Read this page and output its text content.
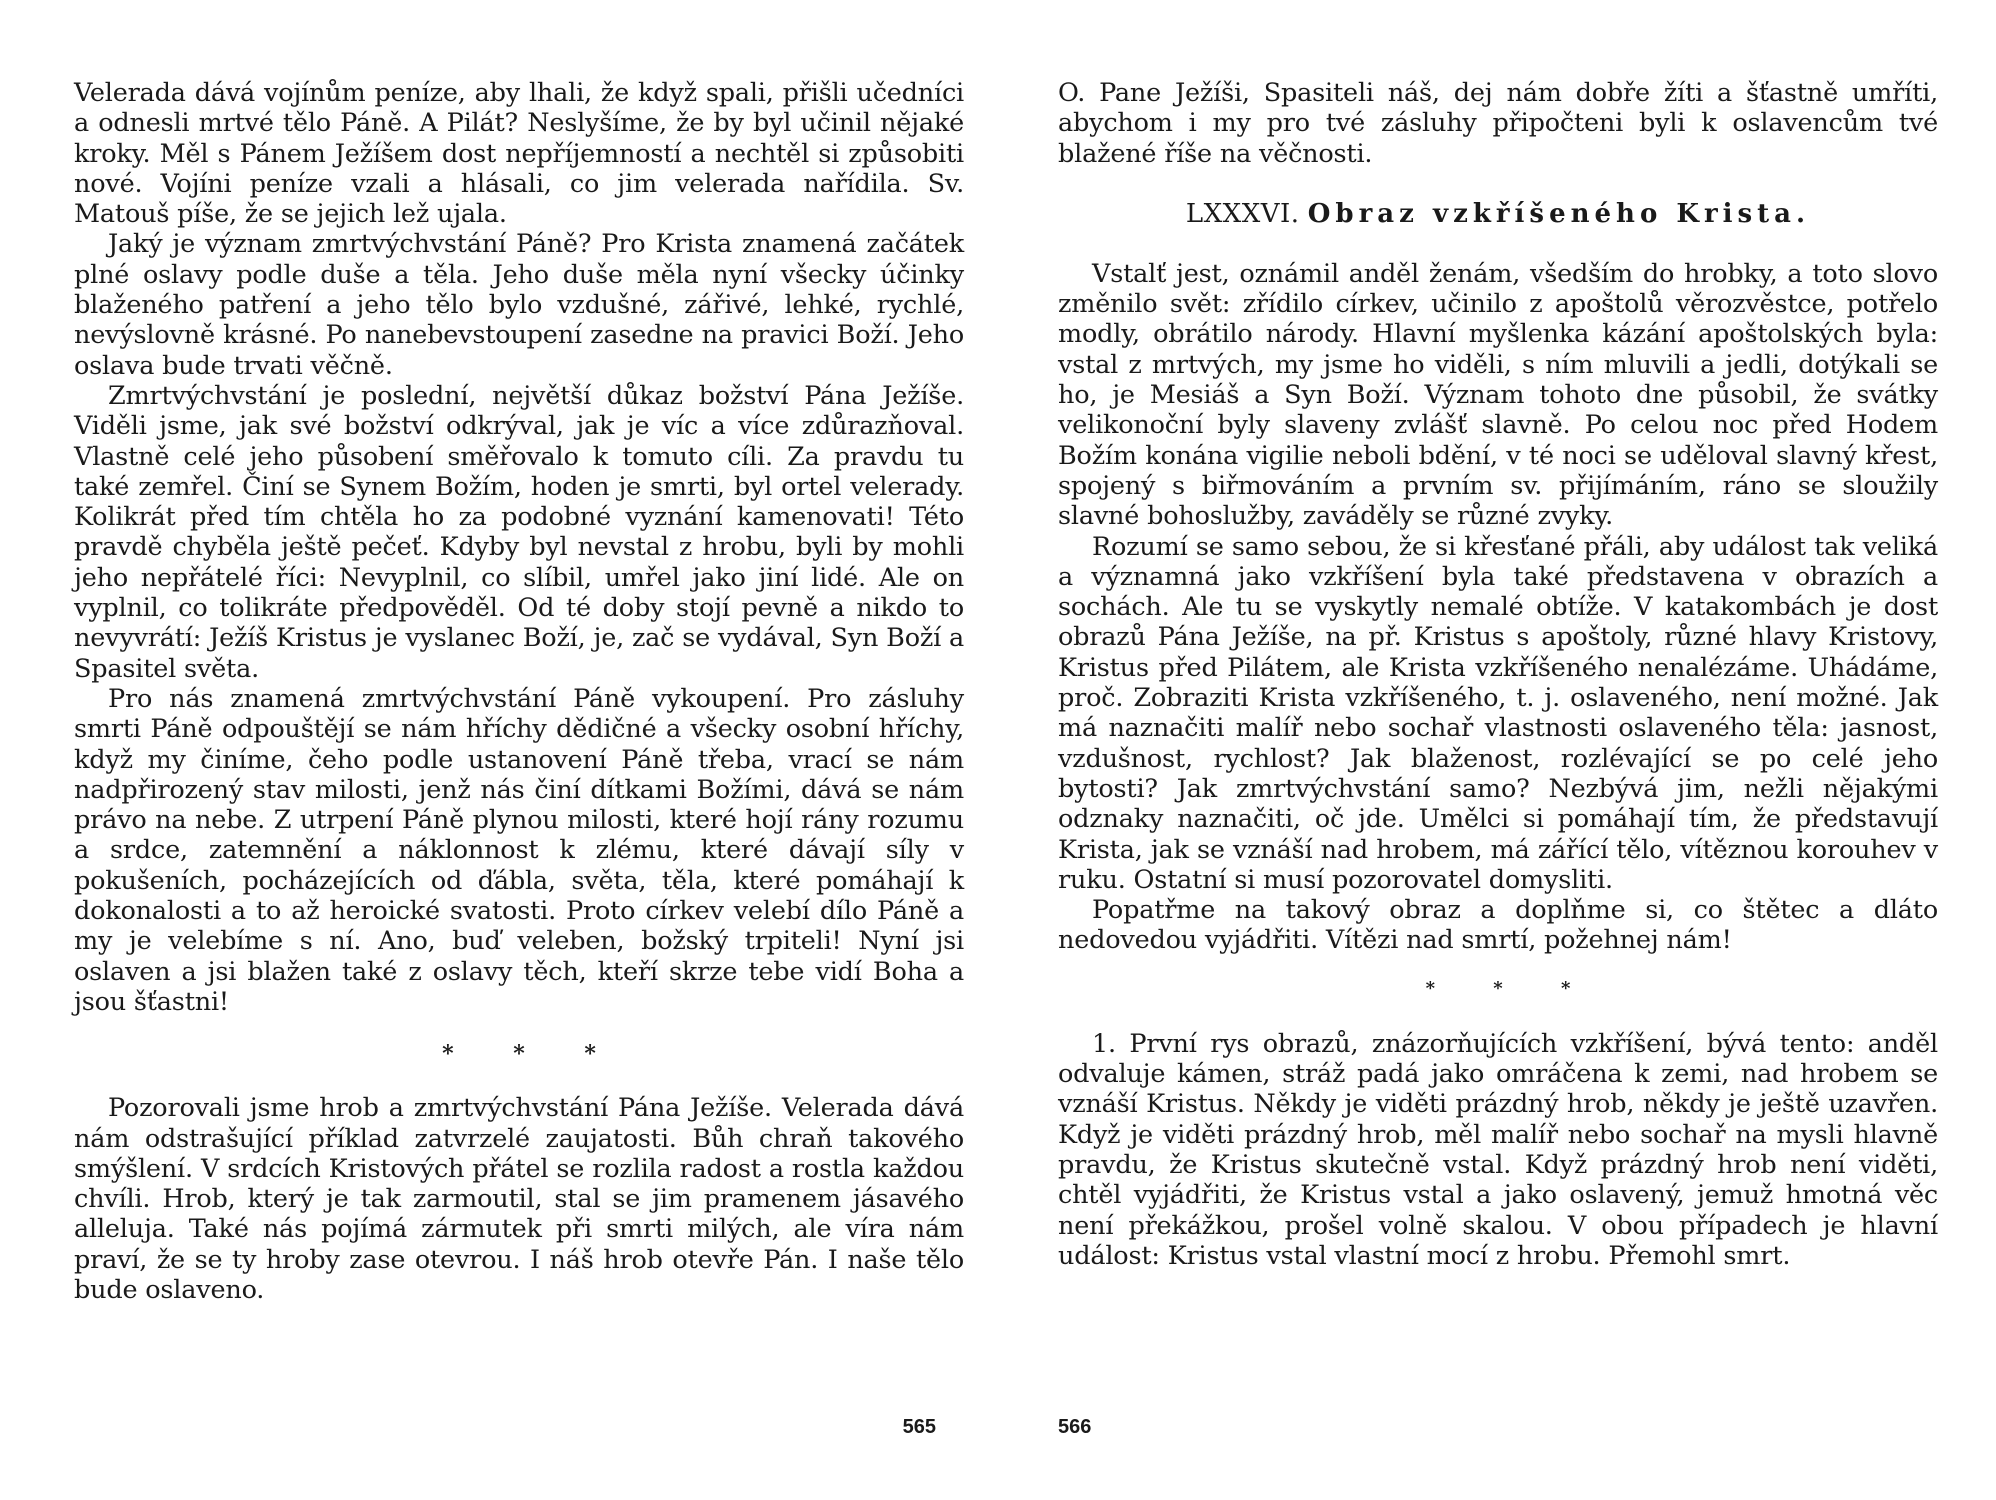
Velerada dává vojínům peníze, aby lhali, že když spali, přišli učedníci a odnesli mrtvé tělo Páně. A Pilát? Neslyšíme, že by byl učinil nějaké kroky. Měl s Pánem Ježíšem dost nepříjemností a nechtěl si způsobiti nové. Vojíni peníze vzali a hlásali, co jim velerada nařídila. Sv. Matouš píše, že se jejich lež ujala.

Jaký je význam zmrtvýchvstání Páně? Pro Krista znamená začátek plné oslavy podle duše a těla. Jeho duše měla nyní všecky účinky blaženého patření a jeho tělo bylo vzdušné, zářivé, lehké, rychlé, nevýslovně krásné. Po nanebevstoupení zasedne na pravici Boží. Jeho oslava bude trvati věčně.

Zmrtvýchvstání je poslední, největší důkaz božství Pána Ježíše. Viděli jsme, jak své božství odkrýval, jak je víc a více zdůrazňoval. Vlastně celé jeho působení směřovalo k tomuto cíli. Za pravdu tu také zemřel. Činí se Synem Božím, hoden je smrti, byl ortel velerady. Kolikrát před tím chtěla ho za podobné vyznání kamenovati! Této pravdě chyběla ještě pečeť. Kdyby byl nevstal z hrobu, byli by mohli jeho nepřátelé říci: Nevyplnil, co slíbil, umřel jako jiní lidé. Ale on vyplnil, co tolikráte předpověděl. Od té doby stojí pevně a nikdo to nevyvrátí: Ježíš Kristus je vyslanec Boží, je, zač se vydával, Syn Boží a Spasitel světa.

Pro nás znamená zmrtvýchvstání Páně vykoupení. Pro zásluhy smrti Páně odpouštějí se nám hříchy dědičné a všecky osobní hříchy, když my činíme, čeho podle ustanovení Páně třeba, vrací se nám nadpřirozený stav milosti, jenž nás činí dítkami Božími, dává se nám právo na nebe. Z utrpení Páně plynou milosti, které hojí rány rozumu a srdce, zatemnění a náklonnost k zlému, které dávají síly v pokušeních, pocházejících od ďábla, světa, těla, které pomáhají k dokonalosti a to až heroické svatosti. Proto církev velebí dílo Páně a my je velebíme s ní. Ano, buď veleben, božský trpiteli! Nyní jsi oslaven a jsi blažen také z oslavy těch, kteří skrze tebe vidí Boha a jsou šťastni!

* * *

Pozorovali jsme hrob a zmrtvýchvstání Pána Ježíše. Velerada dává nám odstrašující příklad zatvrzelé zaujatosti. Bůh chraň takového smýšlení. V srdcích Kristových přátel se rozlila radost a rostla každou chvíli. Hrob, který je tak zarmoutil, stal se jim pramenem jásavého alleluja. Také nás pojímá zármutek při smrti milých, ale víra nám praví, že se ty hroby zase otevrou. I náš hrob otevře Pán. I naše tělo bude oslaveno.

565

O. Pane Ježíši, Spasiteli náš, dej nám dobře žíti a šťastně umříti, abychom i my pro tvé zásluhy připočteni byli k oslavencům tvé blažené říše na věčnosti.

LXXXVI. Obraz vzkříšeného Krista.

Vstalť jest, oznámil anděl ženám, všedším do hrobky, a toto slovo změnilo svět: zřídilo církev, učinilo z apoštolů věrozvěstce, potřelo modly, obrátilo národy. Hlavní myšlenka kázání apoštolských byla: vstal z mrtvých, my jsme ho viděli, s ním mluvili a jedli, dotýkali se ho, je Mesiáš a Syn Boží. Význam tohoto dne působil, že svátky velikonoční byly slaveny zvlášť slavně. Po celou noc před Hodem Božím konána vigilie neboli bdění, v té noci se uděloval slavný křest, spojený s biřmováním a prvním sv. přijímáním, ráno se sloužily slavné bohoslužby, zaváděly se různé zvyky.

Rozumí se samo sebou, že si křesťané přáli, aby událost tak veliká a významná jako vzkříšení byla také představena v obrazích a sochách. Ale tu se vyskytly nemalé obtíže. V katakombách je dost obrazů Pána Ježíše, na př. Kristus s apoštoly, různé hlavy Kristovy, Kristus před Pilátem, ale Krista vzkříšeného nenalézáme. Uhádáme, proč. Zobraziti Krista vzkříšeného, t. j. oslaveného, není možné. Jak má naznačiti malíř nebo sochař vlastnosti oslaveného těla: jasnost, vzdušnost, rychlost? Jak blaženost, rozlévající se po celé jeho bytosti? Jak zmrtvýchvstání samo? Nezbývá jim, nežli nějakými odznaky naznačiti, oč jde. Umělci si pomáhají tím, že představují Krista, jak se vznáší nad hrobem, má zářící tělo, vítěznou korouhev v ruku. Ostatní si musí pozorovatel domysliti.

Popatřme na takový obraz a doplňme si, co štětec a dláto nedovedou vyjádřiti. Vítězi nad smrtí, požehnej nám!

* * *

1. První rys obrazů, znázorňujících vzkříšení, bývá tento: anděl odvaluje kámen, stráž padá jako omráčena k zemi, nad hrobem se vznáší Kristus. Někdy je viděti prázdný hrob, někdy je ještě uzavřen. Když je viděti prázdný hrob, měl malíř nebo sochař na mysli hlavně pravdu, že Kristus skutečně vstal. Když prázdný hrob není viděti, chtěl vyjádřiti, že Kristus vstal a jako oslavený, jemuž hmotná věc není překážkou, prošel volně skalou. V obou případech je hlavní událost: Kristus vstal vlastní mocí z hrobu. Přemohl smrt.

566
